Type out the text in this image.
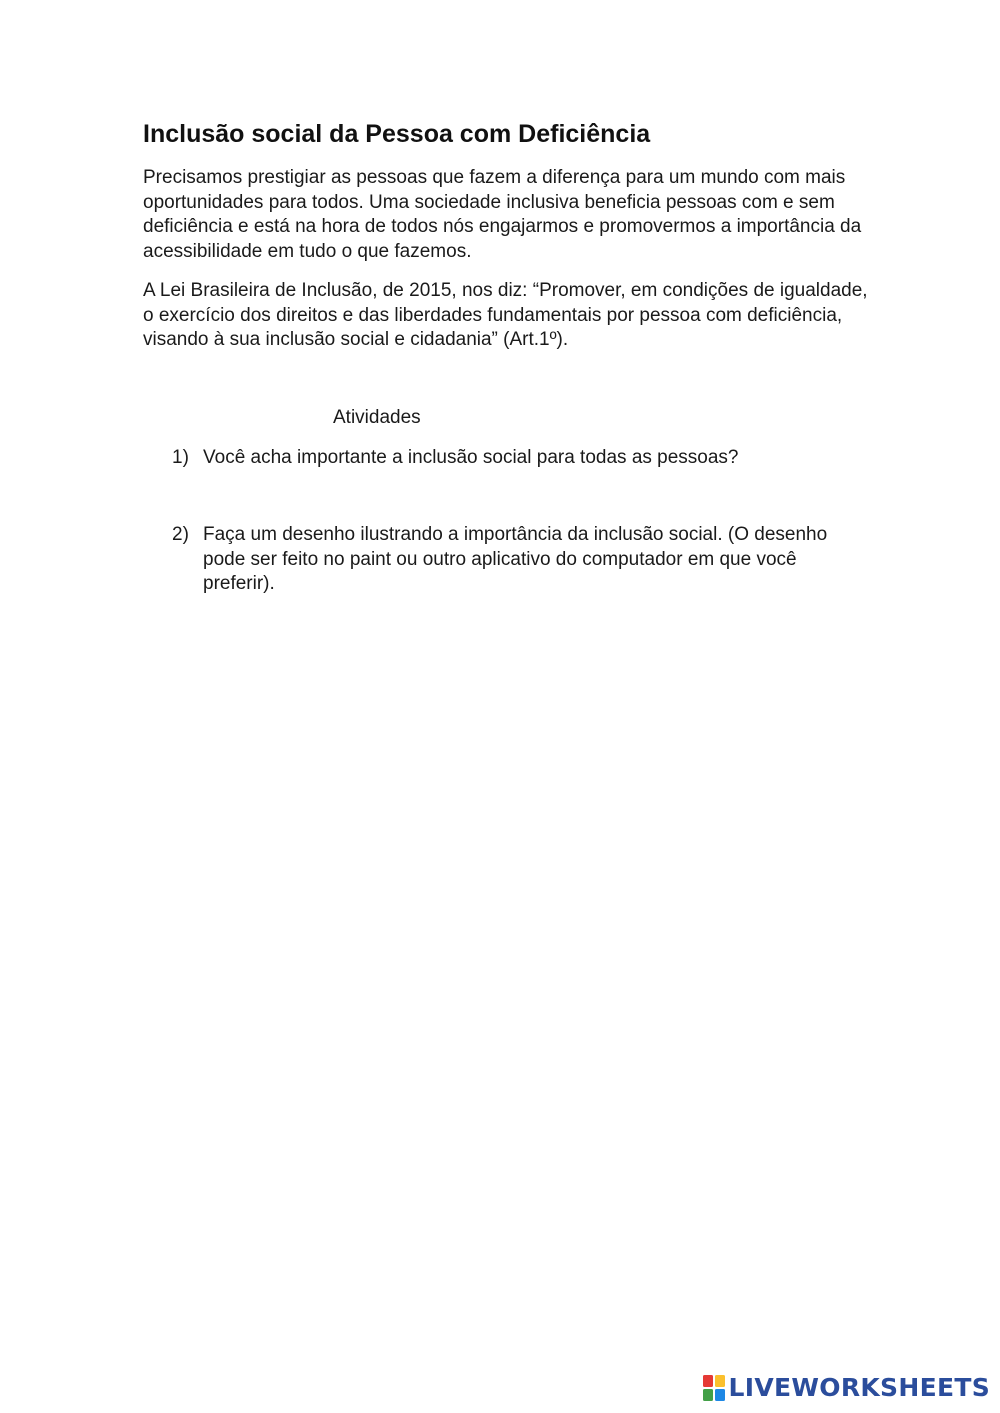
Inclusão social da Pessoa com Deficiência

Precisamos prestigiar as pessoas que fazem a diferença para um mundo com mais oportunidades para todos. Uma sociedade inclusiva beneficia pessoas com e sem deficiência e está na hora de todos nós engajarmos e promovermos a importância da acessibilidade em tudo o que fazemos.

A Lei Brasileira de Inclusão, de 2015, nos diz: “Promover, em condições de igualdade, o exercício dos direitos e das liberdades fundamentais por pessoa com deficiência, visando à sua inclusão social e cidadania” (Art.1º).

Atividades

1) Você acha importante a inclusão social para todas as pessoas?
2) Faça um desenho ilustrando a importância da inclusão social. (O desenho pode ser feito no paint ou outro aplicativo do computador em que você preferir).
LIVEWORKSHEETS
